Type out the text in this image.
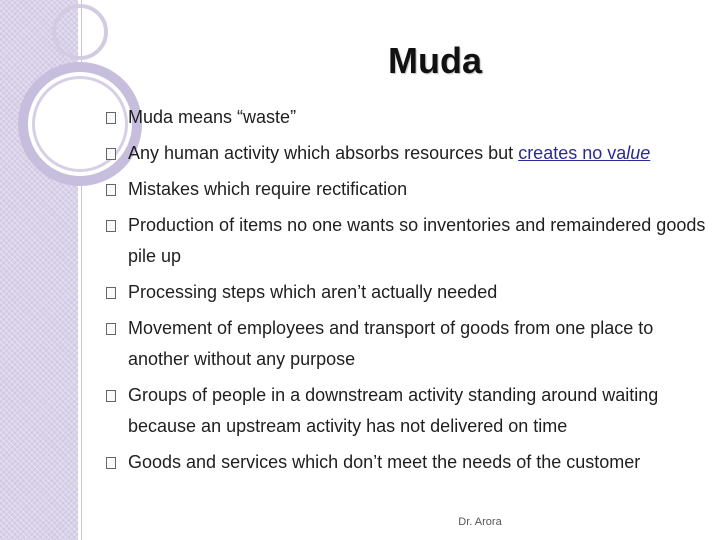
Muda
Muda means “waste”
Any human activity which absorbs resources but creates no value
Mistakes which require rectification
Production of items no one wants so inventories and remaindered goods pile up
Processing steps which aren’t actually needed
Movement of employees and transport of goods from one place to another without any purpose
Groups of people in a downstream activity standing around waiting because an upstream activity has not delivered on time
Goods and services which don’t meet the needs of the customer
Dr. Arora
